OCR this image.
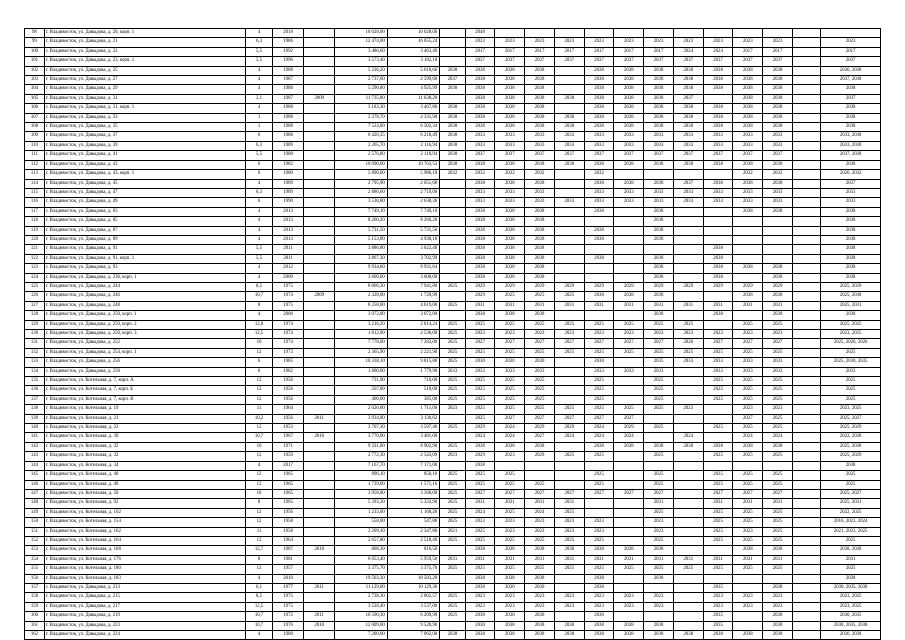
98	г. Владивосток, ул. Давыдова, д. 20, корп. 1	4	2018		10 028,00	10 028,00		2048												
99	г. Владивосток, ул. Давыдова, д. 21	6,3	1986		12 474,00	16 655,24		2023	2023	2023	2023	2023	2023	2023	2023	2023	2023	2023		2023
100	г. Владивосток, ул. Давыдова, д. 22	5,5	1992		3 486,60	3 463,49		2017	2017	2017	2017	2017	2017	2017	2024	2024	2017	2017		2017
101	г. Владивосток, ул. Давыдова, д. 23, корп. 1	5,5	1996		3 573,40	3 182,10		2037	2037	2037	2037	2037	2037	2037	2037	2037	2037	2037		2037
102	г. Владивосток, ул. Давыдова, д. 25	4	1988		5 336,20	5 618,66	2038	2038	2038	2038		2038	2038	2038	2038	2038	2038	2038		2036, 2038
103	г. Владивосток, ул. Давыдова, д. 27	4	1987		2 737,60	2 599,60	2037	2038	2038	2038		2038	2038	2038	2038	2038	2038	2038		2037, 2038
104	г. Владивосток, ул. Давыдова, д. 29	4	1988		5 290,80	4 925,99	2038	2038	2038	2038		2038	2038	2038	2038	2038	2038	2038		2038
105	г. Владивосток, ул. Давыдова, д. 31	2,1	1987	2009	11 735,80	11 638,20		2038	2038	2038	2038	2038	2038	2038	2037		2038	2038		2037
106	г. Владивосток, ул. Давыдова, д. 31, корп. 1	4	1988		3 183,30	3 467,80	2038	2038	2038	2038		2038	2038	2038	2038	2038	2038	2038		2038
107	г. Владивосток, ул. Давыдова, д. 33	1	1988		2 378,70	2 331,90	2038	2038	2038	2038	2038	2038	2038	2038	2038	2038	2038	2038		2038
108	г. Владивосток, ул. Давыдова, д. 35	1	1988		7 524,00	6 502,34	2038	2038	2038	2038	2038	2038	2038	2038	2038	2038	2038	2038		2038
109	г. Владивосток, ул. Давыдова, д. 37	6	1988		6 420,35	6 218,49	2038	2033	2033	2033	2033	2033	2033	2033	2033	2033	2033	2033		2033, 2038
110	г. Владивосток, ул. Давыдова, д. 39	6,3	1989		2 265,70	2 116,94	2038	2033	2033	2033	2033	2033	2033	2033	2033	2033	2033	2033		2033, 2038
111	г. Владивосток, ул. Давыдова, д. 41	5,5	1988		2 576,80	2 118,94	2038	2037	2037	2037	2037	2037	2037	2037	2037	2037	2037	2037		2037, 2038
112	г. Владивосток, ул. Давыдова, д. 43	6	1982		10 090,00	10 763,53	2038	2038	2038	2038	2038	2038	2038	2038	2038	2038	2038	2038		2038
113	г. Владивосток, ул. Давыдова, д. 43, корп. 1	6	1980		5 890,00	5 986,10	2032	2032	2032	2032		2032					2032	2032		2026, 2032
114	г. Владивосток, ул. Давыдова, д. 45	4	1989		2 795,90	2 651,68		2038	2038	2038		2038	2038	2038	2037	2038	2038	2038		2037
115	г. Владивосток, ул. Давыдова, д. 47	6,3	1989		2 886,60	2 719,00		2033	2033	2033		2033	2033	2033	2033	2033	2033	2033		2033
116	г. Владивосток, ул. Давыдова, д. 49	6	1990		3 530,80	2 638,36		2033	2033	2033	2033	2033	2033	2033	2033	2033	2033	2033		2033
117	г. Владивосток, ул. Давыдова, д. 83	4	2013		7 749,10	7 749,10		2038	2038	2038		2038		2038			2038	2038		2038
118	г. Владивосток, ул. Давыдова, д. 85	4	2013		8 260,20	8 260,20		2038	2038	2038				2038						2038
119	г. Владивосток, ул. Давыдова, д. 87	4	2013		5 731,50	5 731,50		2038	2038	2038		2038		2038						2038
120	г. Владивосток, ул. Давыдова, д. 89	4	2013		5 153,80	4 938,18		2038	2038	2038		2038		2038						2038
121	г. Владивосток, ул. Давыдова, д. 91	5,5	2011		3 886,80	3 622,40		2038	2038	2038						2038				2038
122	г. Владивосток, ул. Давыдова, д. 91, корп. 1	5,5	2011		3 867,30	3 702,99		2038	2038	2038		2038		2038		2038				2038
123	г. Владивосток, ул. Давыдова, д. 93	4	2012		9 934,60	9 931,64		2038	2038	2038				2038		2038	2038	2038		2038
124	г. Владивосток, ул. Давыдова, д. 236, корп. 1	4	2000		3 600,00	3 600,00		2038	2038	2038				2038		2038		2038		2038
125	г. Владивосток, ул. Давыдова, д. 244	8,5	1975		8 066,30	7 941,80	2025	2029	2029	2029	2029	2029	2029	2029	2029	2029	2029	2029		2025, 2029
126	г. Владивосток, ул. Давыдова, д. 246	10,7	1974	2009	2 328,00	1 720,99		2029	2025	2025	2025	2038	2038	2038			2038	2038		2025, 2038
127	г. Владивосток, ул. Давыдова, д. 248	8	1975		8 258,00	4 619,00	2025	2031	2031	2031	2031	2031	2031	2031	2031	2031	2031	2031		2025, 2031
128	г. Владивосток, ул. Давыдова, д. 250, корп. 1	4	2006		3 072,00	3 072,00		2038	2038	2038				2038		2038		2038		2038
129	г. Владивосток, ул. Давыдова, д. 250, корп. 2	12,8	1974		3 216,20	2 814,24	2025	2025	2025	2025	2025	2025	2025	2025	2025		2025	2025		2025, 2025
130	г. Владивосток, ул. Давыдова, д. 250, корп. 3	12,5	1974		1 812,00	2 536,00	2025	2023	2023	2023	2023	2023	2023	2023	2023	2023	2023	2023		2023, 2025
131	г. Владивосток, ул. Давыдова, д. 252	10	1974		7 778,00	7 283,00	2025	2027	2027	2027	2027	2027	2027	2027	2026	2027	2027	2027		2025, 2026, 2026
132	г. Владивосток, ул. Давыдова, д. 254, корп. 1	12	1973		2 365,90	2 221,90	2025	2025	2025	2025	2025	2025	2025	2025	2025	2025	2025	2025		2025
133	г. Владивосток, ул. Давыдова, д. 256	6	1985		10 338,10	9 815,80	2025	2030	2030	2030		2030		2035	2033	2033	2033	2033		2025, 2030, 2035
134	г. Владивосток, ул. Давыдова, д. 258	6	1982		1 800,00	1 779,90	2033	2033	2033	2033		2033	2033	2033		2033	2033	2033		2033
135	г. Владивосток, ул. Котельная, д. 7, корп. А	12	1956		731,90	710,00	2025	2025	2025	2025		2025		2025		2025	2025	2025		2025
136	г. Владивосток, ул. Котельная, д. 7, корп. Б	12	1956		567,00	510,00	2025	2025	2025	2025		2025		2025		2025	2025	2025		2025
137	г. Владивосток, ул. Котельная, д. 7, корп. В	12	1956		400,00	385,00	2025	2025	2025	2025		2025		2025		2025	2025	2025		2025
138	г. Владивосток, ул. Котельная, д. 19	11	1964		2 626,00	1 711,00	2023	2025	2025	2025	2025	2025	2025	2025	2023		2023	2023		2023, 2025
139	г. Владивосток, ул. Котельная, д. 21	10,2	1956	2011	3 934,80	3 130,62		2025	2027	2027	2027	2027	2027				2027	2025		2025, 2027
140	г. Владивосток, ул. Котельная, д. 23	12	1953		3 707,30	3 597,40	2025	2029	2024	2029	2029	2024	2029	2025		2025	2025	2025		2025, 2029
141	г. Владивосток, ул. Котельная, д. 30	10,7	1967	2016	3 770,00	3 481,00		2024	2024	2027	2024	2024	2024		2024		2024	2024		2022, 2038
142	г. Владивосток, ул. Котельная, д. 32	10	1971		9 331,80	8 902,90	2025	2038	2038	2038		2038	2038	2038	2038	2038	2038	2038		2025, 2038
143	г. Владивосток, ул. Котельная, д. 32	12	1959		2 772,30	2 543,09	2023	2029	2023	2029	2025	2025		2025		2025	2025	2025		2025, 2029
144	г. Владивосток, ул. Котельная, д. 34	4	2017		7 167,70	7 171,00		2038												2038
145	г. Владивосток, ул. Котельная, д. 48	12	1965		896,10	850,10	2025	2025	2025			2025		2025		2025	2025	2025		2025
146	г. Владивосток, ул. Котельная, д. 48	12	1965		1 739,00	1 571,16	2025	2025	2025	2025		2025		2025		2025	2025	2025		2025
147	г. Владивосток, ул. Котельная, д. 50	10	1965		3 958,80	3 568,00	2025	2027	2027	2027	2027	2027	2027	2027		2027	2027	2027		2025, 2027
148	г. Владивосток, ул. Котельная, д. 92	8	1965		5 393,30	5 332,90	2025	2031	2031	2031	2031			2031		2031	2031	2031		2025, 2031
149	г. Владивосток, ул. Котельная, д. 102	12	1956		1 233,00	1 168,20	2025	2024	2025	2024	2025			2025		2025	2025	2025		2022, 2025
150	г. Владивосток, ул. Котельная, д. 154	12	1958		558,00	547,80	2025	2023	2023	2023	2023	2023		2023		2025	2025	2025		2016, 2023, 2024
151	г. Владивосток, ул. Котельная, д. 162	11	1958		2 209,10	2 347,80	2021	2025	2023	2023	2023	2023		2023		2025	2023	2025		2021, 2023, 2025
152	г. Владивосток, ул. Котельная, д. 164	12	1964		2 657,80	2 518,40	2025	2025	2025	2025	2025	2025		2025		2025	2025	2025		2025
153	г. Владивосток, ул. Котельная, д. 168	12,7	1987	2010	808,30	816,50		2038	2038	2038	2038	2038	2038	2038			2038	2038		2038, 2038
154	г. Владивосток, ул. Котельная, д. 176	8	1981		6 053,40	5 959,50	2031	2031	2031	2031	2031	2031	2031	2031	2031	2031	2031	2031		2031
155	г. Владивосток, ул. Котельная, д. 180	12	1957		3 375,70	3 375,70	2025	2025	2025	2025	2025	2025	2025	2025	2025	2025	2025	2025		2025
156	г. Владивосток, ул. Котельная, д. 183	4	2010		19 503,30	18 583,20		2038	2038	2038		2038		2038						2038
157	г. Владивосток, ул. Давыдова, д. 213	6,1	1977	2011	11 129,00	10 129,36		2030	2030	2030		2038				2035		2038		2030, 2035, 2038
158	г. Владивосток, ул. Давыдова, д. 215	8,5	1975		2 738,30	2 862,57	2025	2023	2023	2023	2023	2023	2023	2023		2023	2023	2023		2023, 2025
159	г. Владивосток, ул. Давыдова, д. 217	12,5	1975		3 528,40	3 537,00	2025	2023	2023	2023	2023	2023	2023	2023		2023	2023	2023		2023, 2025
160	г. Владивосток, ул. Давыдова, д. 219	10,7	1972	2011	10 590,30	6 209,90	2025	2030	2030	2030		2030				2035		2038		2030, 2035
161	г. Владивосток, ул. Давыдова, д. 223	10,7	1976	2010	12 009,00	9 520,90		2030	2038	2038	2038	2038	2038	2038		2035		2038		2030, 2035, 2038
162	г. Владивосток, ул. Давыдова, д. 224	4	1988		7 200,00	7 062,00	2038	2038	2038	2038	2038	2038	2038	2038	2038	2038	2038	2038		2036, 2038
